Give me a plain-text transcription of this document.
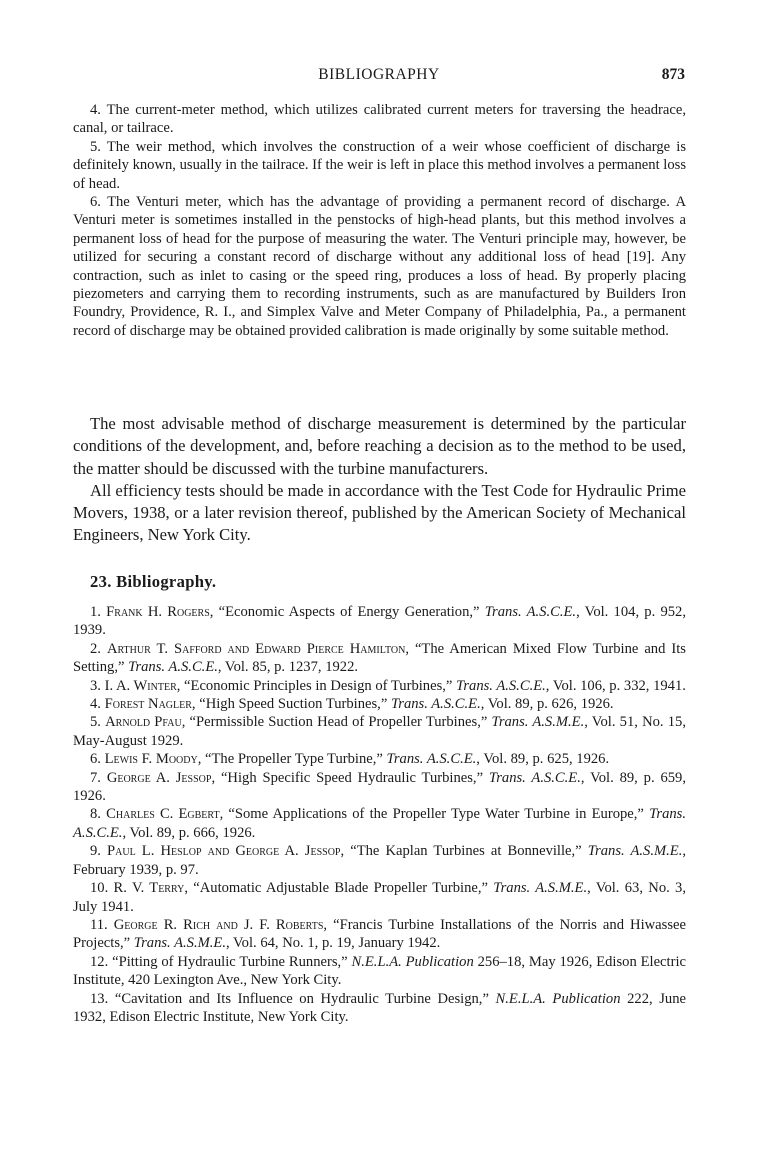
BIBLIOGRAPHY	873

4. The current-meter method, which utilizes calibrated current meters for traversing the headrace, canal, or tailrace.

5. The weir method, which involves the construction of a weir whose coefficient of discharge is definitely known, usually in the tailrace. If the weir is left in place this method involves a permanent loss of head.

6. The Venturi meter, which has the advantage of providing a permanent record of discharge. A Venturi meter is sometimes installed in the penstocks of high-head plants, but this method involves a permanent loss of head for the purpose of measuring the water. The Venturi principle may, however, be utilized for securing a constant record of discharge without any additional loss of head [19]. Any contraction, such as inlet to casing or the speed ring, produces a loss of head. By properly placing piezometers and carrying them to recording instruments, such as are manufactured by Builders Iron Foundry, Providence, R. I., and Simplex Valve and Meter Company of Philadelphia, Pa., a permanent record of discharge may be obtained provided calibration is made originally by some suitable method.

The most advisable method of discharge measurement is determined by the particular conditions of the development, and, before reaching a decision as to the method to be used, the matter should be discussed with the turbine manufacturers.

All efficiency tests should be made in accordance with the Test Code for Hydraulic Prime Movers, 1938, or a later revision thereof, published by the American Society of Mechanical Engineers, New York City.

23. Bibliography.

1. Frank H. Rogers, “Economic Aspects of Energy Generation,” Trans. A.S.C.E., Vol. 104, p. 952, 1939.

2. Arthur T. Safford and Edward Pierce Hamilton, “The American Mixed Flow Turbine and Its Setting,” Trans. A.S.C.E., Vol. 85, p. 1237, 1922.

3. I. A. Winter, “Economic Principles in Design of Turbines,” Trans. A.S.C.E., Vol. 106, p. 332, 1941.

4. Forest Nagler, “High Speed Suction Turbines,” Trans. A.S.C.E., Vol. 89, p. 626, 1926.

5. Arnold Pfau, “Permissible Suction Head of Propeller Turbines,” Trans. A.S.M.E., Vol. 51, No. 15, May-August 1929.

6. Lewis F. Moody, “The Propeller Type Turbine,” Trans. A.S.C.E., Vol. 89, p. 625, 1926.

7. George A. Jessop, “High Specific Speed Hydraulic Turbines,” Trans. A.S.C.E., Vol. 89, p. 659, 1926.

8. Charles C. Egbert, “Some Applications of the Propeller Type Water Turbine in Europe,” Trans. A.S.C.E., Vol. 89, p. 666, 1926.

9. Paul L. Heslop and George A. Jessop, “The Kaplan Turbines at Bonneville,” Trans. A.S.M.E., February 1939, p. 97.

10. R. V. Terry, “Automatic Adjustable Blade Propeller Turbine,” Trans. A.S.M.E., Vol. 63, No. 3, July 1941.

11. George R. Rich and J. F. Roberts, “Francis Turbine Installations of the Norris and Hiwassee Projects,” Trans. A.S.M.E., Vol. 64, No. 1, p. 19, January 1942.

12. “Pitting of Hydraulic Turbine Runners,” N.E.L.A. Publication 256–18, May 1926, Edison Electric Institute, 420 Lexington Ave., New York City.

13. “Cavitation and Its Influence on Hydraulic Turbine Design,” N.E.L.A. Publication 222, June 1932, Edison Electric Institute, New York City.
